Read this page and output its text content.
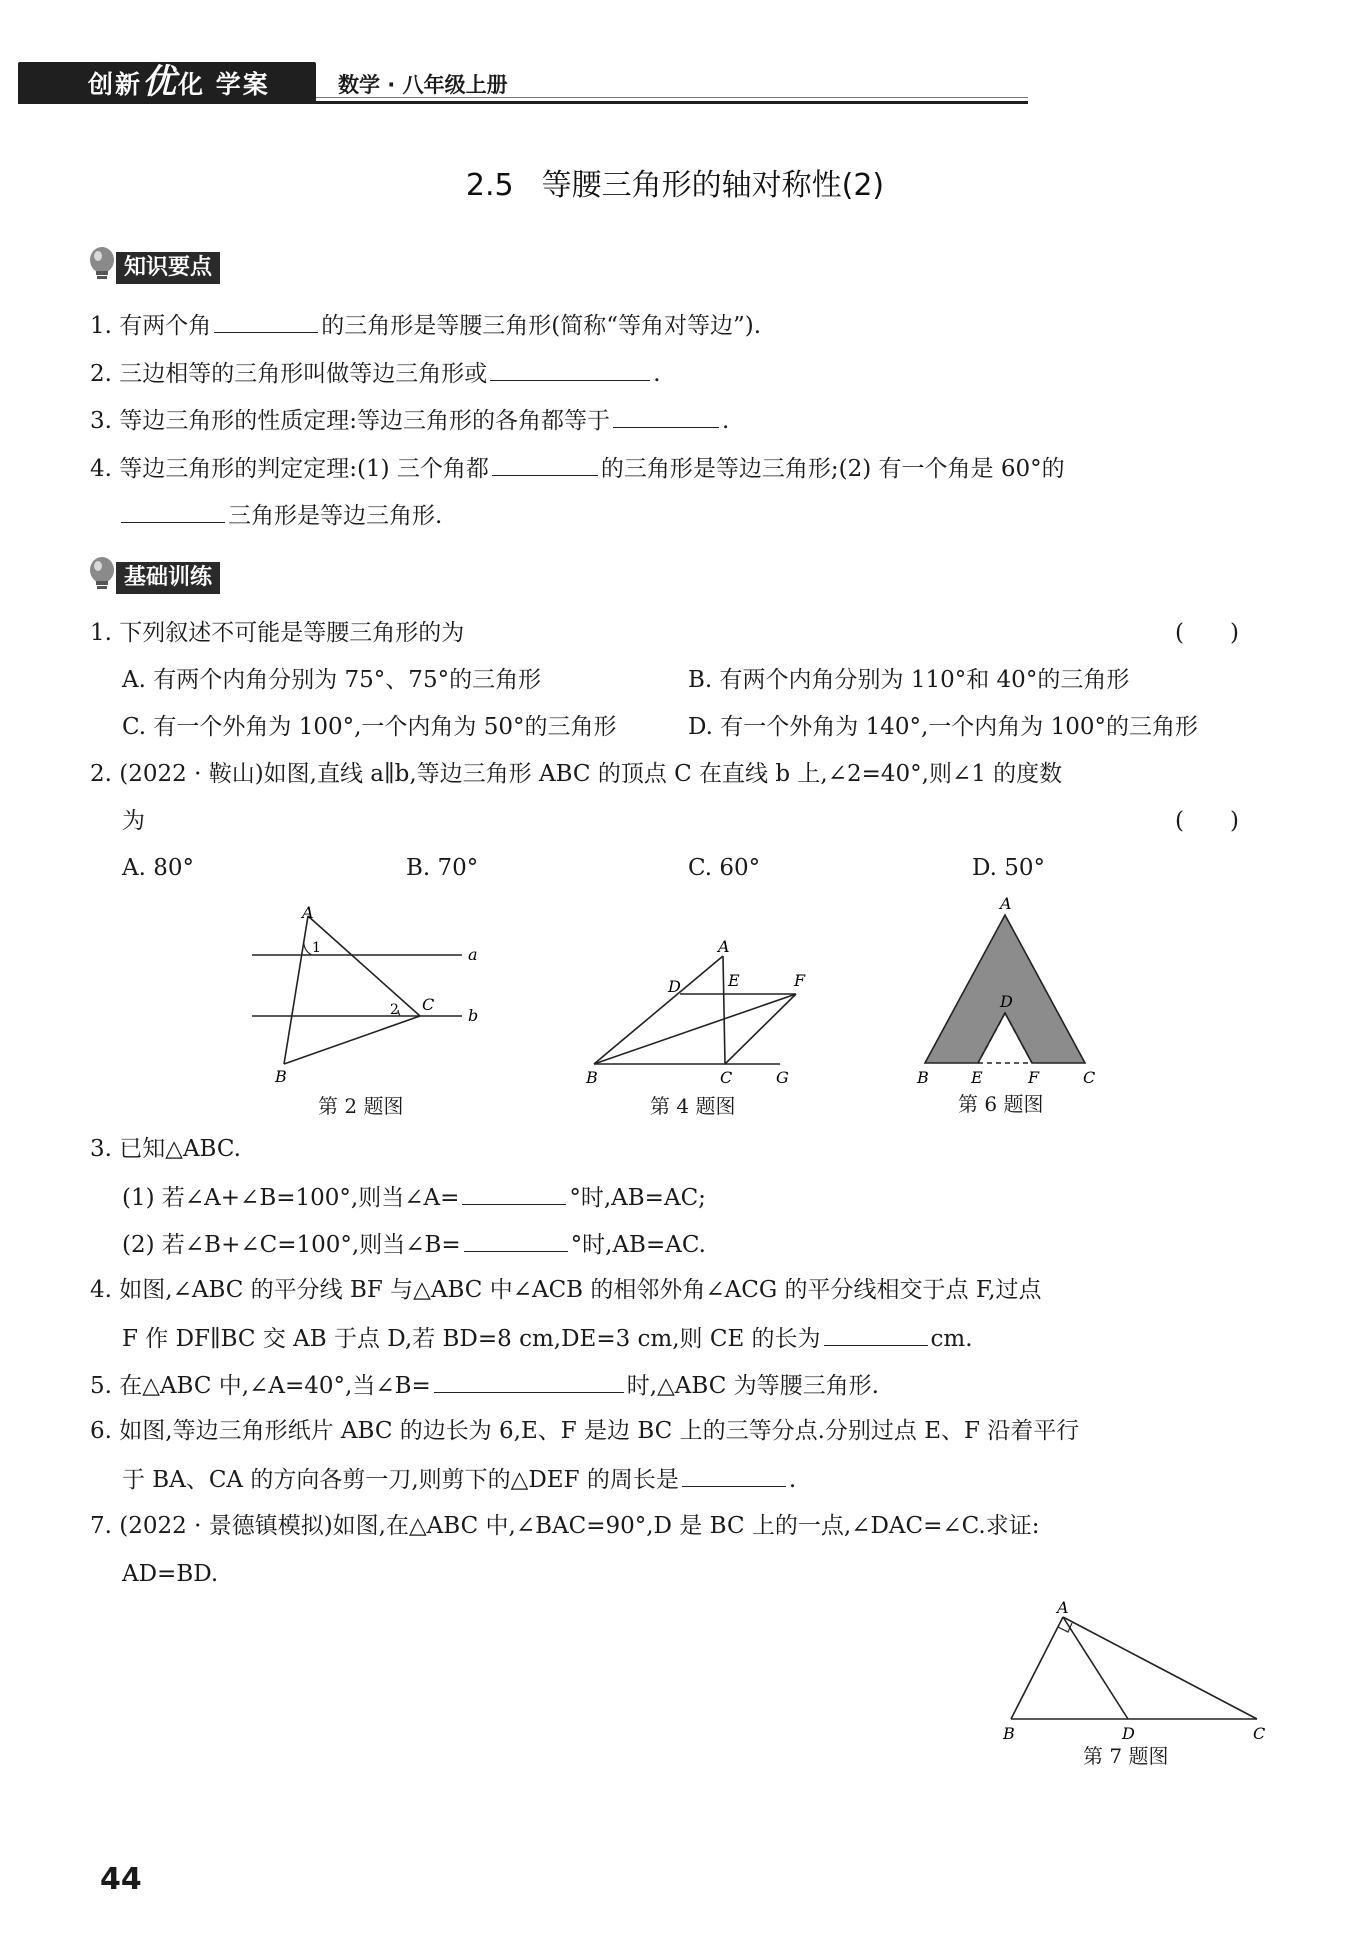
创新优化 学案	数学 · 八年级上册
2.5 等腰三角形的轴对称性(2)
知识要点
1. 有两个角	的三角形是等腰三角形(简称“等角对等边”).
2. 三边相等的三角形叫做等边三角形或	.
3. 等边三角形的性质定理:等边三角形的各角都等于	.
4. 等边三角形的判定定理:(1) 三个角都	的三角形是等边三角形;(2) 有一个角是 60°的
三角形是等边三角形.
基础训练
1. 下列叙述不可能是等腰三角形的为	(　　)
A. 有两个内角分别为 75°、75°的三角形	B. 有两个内角分别为 110°和 40°的三角形
C. 有一个外角为 100°,一个内角为 50°的三角形	D. 有一个外角为 140°,一个内角为 100°的三角形
2. (2022 · 鞍山)如图,直线 a∥b,等边三角形 ABC 的顶点 C 在直线 b 上,∠2=40°,则∠1 的度数
为	(　　)
A. 80°	B. 70°	C. 60°	D. 50°
A
B
C
a
b
1
2
第 2 题图
A
B	C
D	E	F
G
第 4 题图
A
B	C
D
E	F
第 6 题图
3. 已知△ABC.
(1) 若∠A+∠B=100°,则当∠A=	°时,AB=AC;
(2) 若∠B+∠C=100°,则当∠B=	°时,AB=AC.
4. 如图,∠ABC 的平分线 BF 与△ABC 中∠ACB 的相邻外角∠ACG 的平分线相交于点 F,过点
F 作 DF∥BC 交 AB 于点 D,若 BD=8 cm,DE=3 cm,则 CE 的长为	cm.
5. 在△ABC 中,∠A=40°,当∠B=	时,△ABC 为等腰三角形.
6. 如图,等边三角形纸片 ABC 的边长为 6,E、F 是边 BC 上的三等分点.分别过点 E、F 沿着平行
于 BA、CA 的方向各剪一刀,则剪下的△DEF 的周长是	.
7. (2022 · 景德镇模拟)如图,在△ABC 中,∠BAC=90°,D 是 BC 上的一点,∠DAC=∠C.求证:
AD=BD.
A
B	C
D
第 7 题图
44
